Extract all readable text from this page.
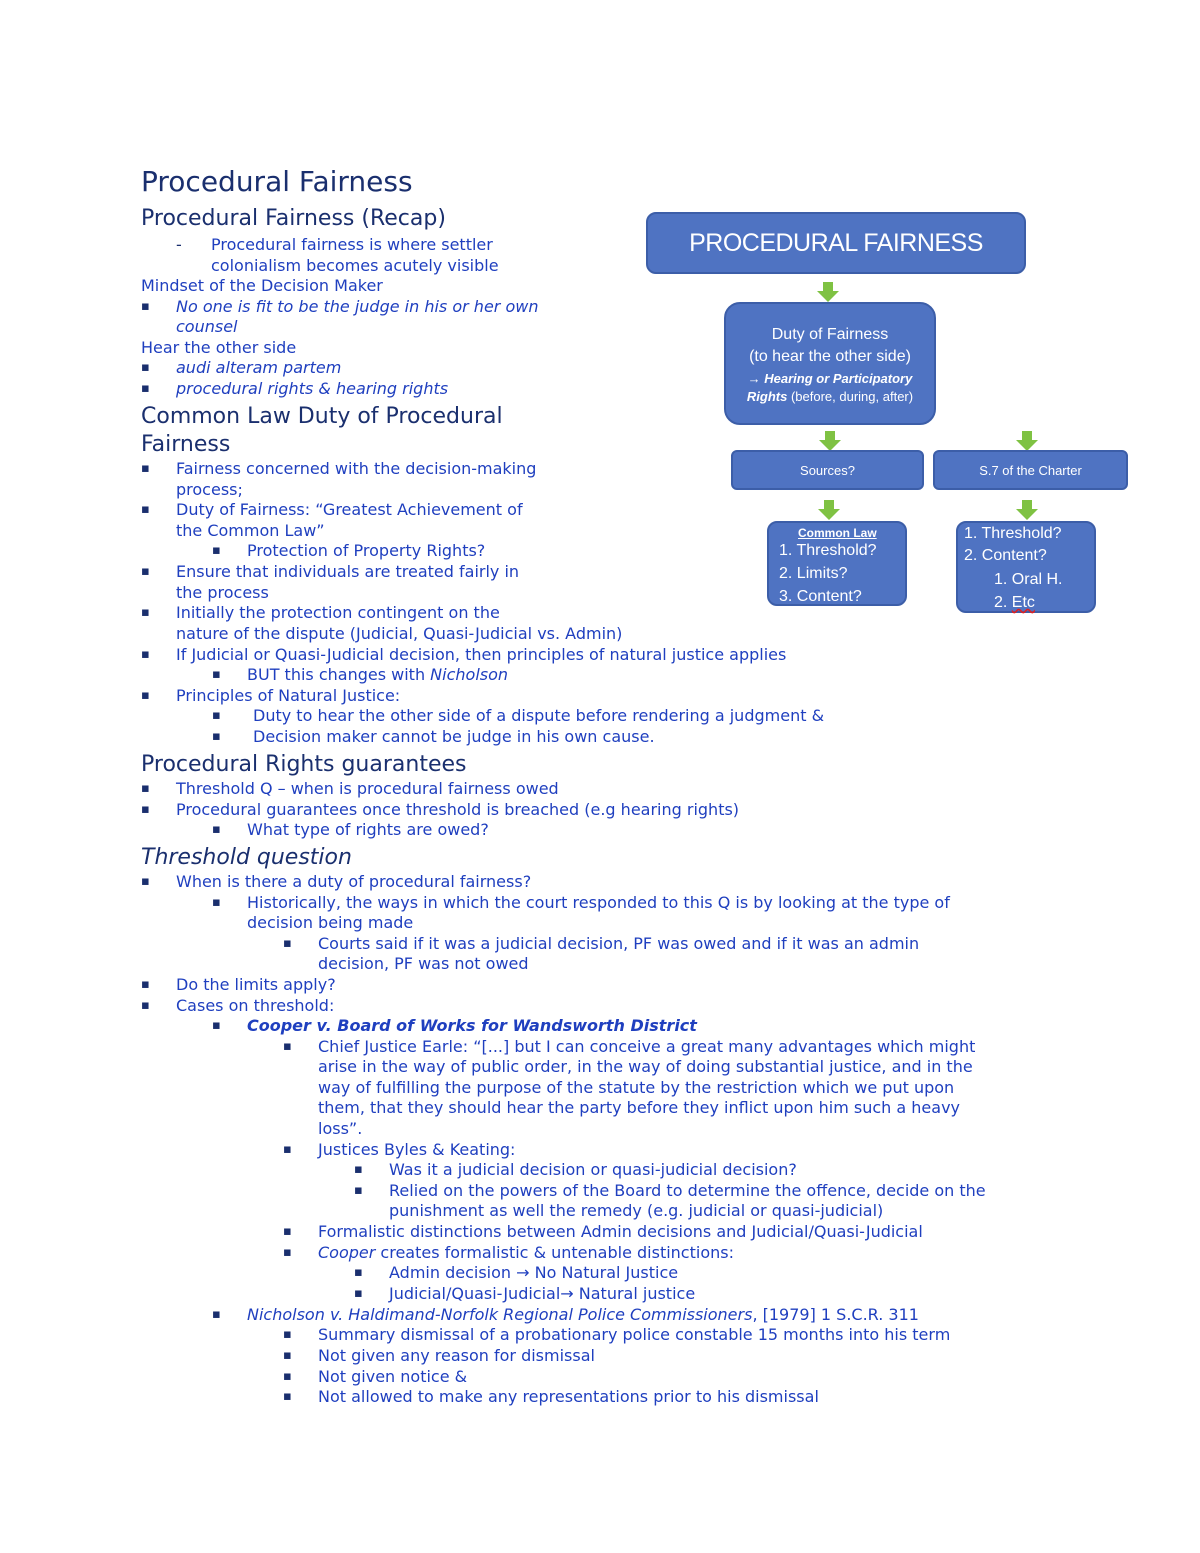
Procedural Fairness
Procedural Fairness (Recap)
- Procedural fairness is where settler
colonialism becomes acutely visible
Mindset of the Decision Maker
▪ No one is fit to be the judge in his or her own
counsel
Hear the other side
▪ audi alteram partem
▪ procedural rights & hearing rights
Common Law Duty of Procedural
Fairness
▪ Fairness concerned with the decision-making
process;
▪ Duty of Fairness: “Greatest Achievement of
the Common Law”
▪ Protection of Property Rights?
▪ Ensure that individuals are treated fairly in
the process
▪ Initially the protection contingent on the
nature of the dispute (Judicial, Quasi-Judicial vs. Admin)
▪ If Judicial or Quasi-Judicial decision, then principles of natural justice applies
▪ BUT this changes with Nicholson
▪ Principles of Natural Justice:
▪ Duty to hear the other side of a dispute before rendering a judgment &
▪ Decision maker cannot be judge in his own cause.
Procedural Rights guarantees
▪ Threshold Q – when is procedural fairness owed
▪ Procedural guarantees once threshold is breached (e.g hearing rights)
▪ What type of rights are owed?
Threshold question
▪ When is there a duty of procedural fairness?
▪ Historically, the ways in which the court responded to this Q is by looking at the type of
decision being made
▪ Courts said if it was a judicial decision, PF was owed and if it was an admin
decision, PF was not owed
▪ Do the limits apply?
▪ Cases on threshold:
▪ Cooper v. Board of Works for Wandsworth District
▪ Chief Justice Earle: “[...] but I can conceive a great many advantages which might
arise in the way of public order, in the way of doing substantial justice, and in the
way of fulfilling the purpose of the statute by the restriction which we put upon
them, that they should hear the party before they inflict upon him such a heavy
loss”.
▪ Justices Byles & Keating:
▪ Was it a judicial decision or quasi-judicial decision?
▪ Relied on the powers of the Board to determine the offence, decide on the
punishment as well the remedy (e.g. judicial or quasi-judicial)
▪ Formalistic distinctions between Admin decisions and Judicial/Quasi-Judicial
▪ Cooper creates formalistic & untenable distinctions:
▪ Admin decision → No Natural Justice
▪ Judicial/Quasi-Judicial→ Natural justice
▪ Nicholson v. Haldimand-Norfolk Regional Police Commissioners, [1979] 1 S.C.R. 311
▪ Summary dismissal of a probationary police constable 15 months into his term
▪ Not given any reason for dismissal
▪ Not given notice &
▪ Not allowed to make any representations prior to his dismissal
PROCEDURAL FAIRNESS
Duty of Fairness
(to hear the other side)
→ Hearing or Participatory
Rights (before, during, after)
Sources?	S.7 of the Charter
Common Law
1. Threshold?
2. Limits?
3. Content?
1. Threshold?
2. Content?
1. Oral H.
2. Etc
